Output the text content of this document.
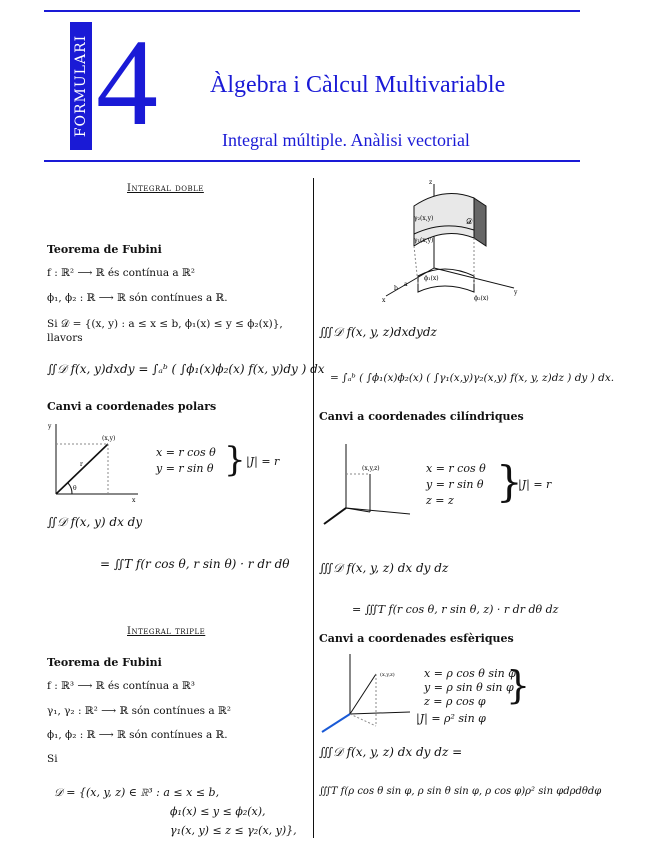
FORMULARI 4 Àlgebra i Càlcul Multivariable
Integral múltiple. Anàlisi vectorial
Integral doble
Teorema de Fubini
f : ℝ² ⟶ ℝ és contínua a ℝ²
ϕ₁, ϕ₂ : ℝ ⟶ ℝ són contínues a ℝ.
Si 𝒟 = {(x, y) : a ≤ x ≤ b, ϕ₁(x) ≤ y ≤ ϕ₂(x)},
llavors
∬𝒟 f(x, y)dxdy = ∫ₐᵇ ( ∫ϕ₁(x)ϕ₂(x) f(x, y)dy ) dx
Canvi a coordenades polars
(x,y)
r
θ
x
y
x = r cos θ
y = r sin θ } |J| = r
∬𝒟 f(x, y) dx dy
= ∬T f(r cos θ, r sin θ) · r dr dθ
Integral triple
Teorema de Fubini
f : ℝ³ ⟶ ℝ és contínua a ℝ³
γ₁, γ₂ : ℝ² ⟶ ℝ són contínues a ℝ²
ϕ₁, ϕ₂ : ℝ ⟶ ℝ són contínues a ℝ.
Si
𝒟 = {(x, y, z) ∈ ℝ³ : a ≤ x ≤ b,
ϕ₁(x) ≤ y ≤ ϕ₂(x),
γ₁(x, y) ≤ z ≤ γ₂(x, y)},
z
γ₂(x,y)
γ₁(x,y)
𝒟
ϕ₁(x)
ϕ₂(x)
a
b
x
y
∭𝒟 f(x, y, z)dxdydz
= ∫ₐᵇ ( ∫ϕ₁(x)ϕ₂(x) ( ∫γ₁(x,y)γ₂(x,y) f(x, y, z)dz ) dy ) dx.
Canvi a coordenades cilíndriques
(x,y,z)	x = r cos θ
y = r sin θ
z = z }
|J| = r
∭𝒟 f(x, y, z) dx dy dz
= ∭T f(r cos θ, r sin θ, z) · r dr dθ dz
Canvi a coordenades esfèriques
(x,y,z)	x = ρ cos θ sin φ
y = ρ sin θ sin φ
z = ρ cos φ }
|J| = ρ² sin φ
∭𝒟 f(x, y, z) dx dy dz =
∭T f(ρ cos θ sin φ, ρ sin θ sin φ, ρ cos φ)ρ² sin φdρdθdφ
